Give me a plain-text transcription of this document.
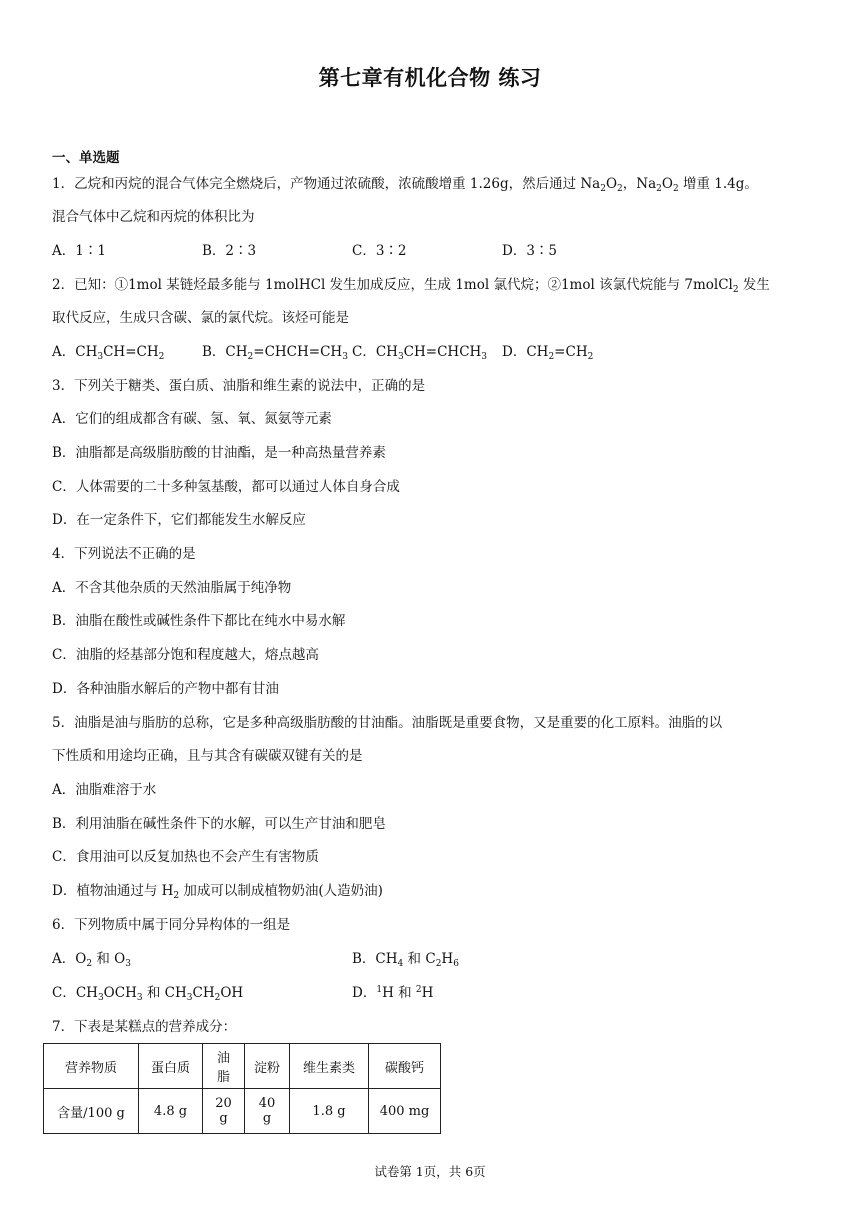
第七章有机化合物 练习
一、单选题
1．乙烷和丙烷的混合气体完全燃烧后，产物通过浓硫酸，浓硫酸增重 1.26g，然后通过 $Na_2O_2$，$Na_2O_2$ 增重 1.4g。
混合气体中乙烷和丙烷的体积比为
A．1∶1	B．2∶3	C．3∶2	D．3∶5
2．已知：①1mol 某链烃最多能与 1molHCl 发生加成反应，生成 1mol 氯代烷；②1mol 该氯代烷能与 7molCl$_2$ 发生
取代反应，生成只含碳、氯的氯代烷。该烃可能是
A．$CH_3CH=CH_2$	B．$CH_2=CHCH=CH_3$ C．$CH_3CH=CHCH_3$ D．$CH_2=CH_2$
3．下列关于糖类、蛋白质、油脂和维生素的说法中，正确的是
A．它们的组成都含有碳、氢、氧、氮氨等元素
B．油脂都是高级脂肪酸的甘油酯，是一种高热量营养素
C．人体需要的二十多种氢基酸，都可以通过人体自身合成
D．在一定条件下，它们都能发生水解反应
4．下列说法不正确的是
A．不含其他杂质的天然油脂属于纯净物
B．油脂在酸性或碱性条件下都比在纯水中易水解
C．油脂的烃基部分饱和程度越大，熔点越高
D．各种油脂水解后的产物中都有甘油
5．油脂是油与脂肪的总称，它是多种高级脂肪酸的甘油酯。油脂既是重要食物，又是重要的化工原料。油脂的以
下性质和用途均正确，且与其含有碳碳双键有关的是
A．油脂难溶于水
B．利用油脂在碱性条件下的水解，可以生产甘油和肥皂
C．食用油可以反复加热也不会产生有害物质
D．植物油通过与 $H_2$ 加成可以制成植物奶油(人造奶油)
6．下列物质中属于同分异构体的一组是
A．$O_2$ 和 $O_3$	B．$CH_4$ 和 $C_2H_6$
C．$CH_3OCH_3$ 和 $CH_3CH_2OH$	D．$^1$H 和 $^2$H
7．下表是某糕点的营养成分：
营养物质	蛋白质	油脂	淀粉	维生素类	碳酸钙
含量/100 g	4.8 g	20 g	40 g	1.8 g	400 mg
试卷第 1页，共 6页
